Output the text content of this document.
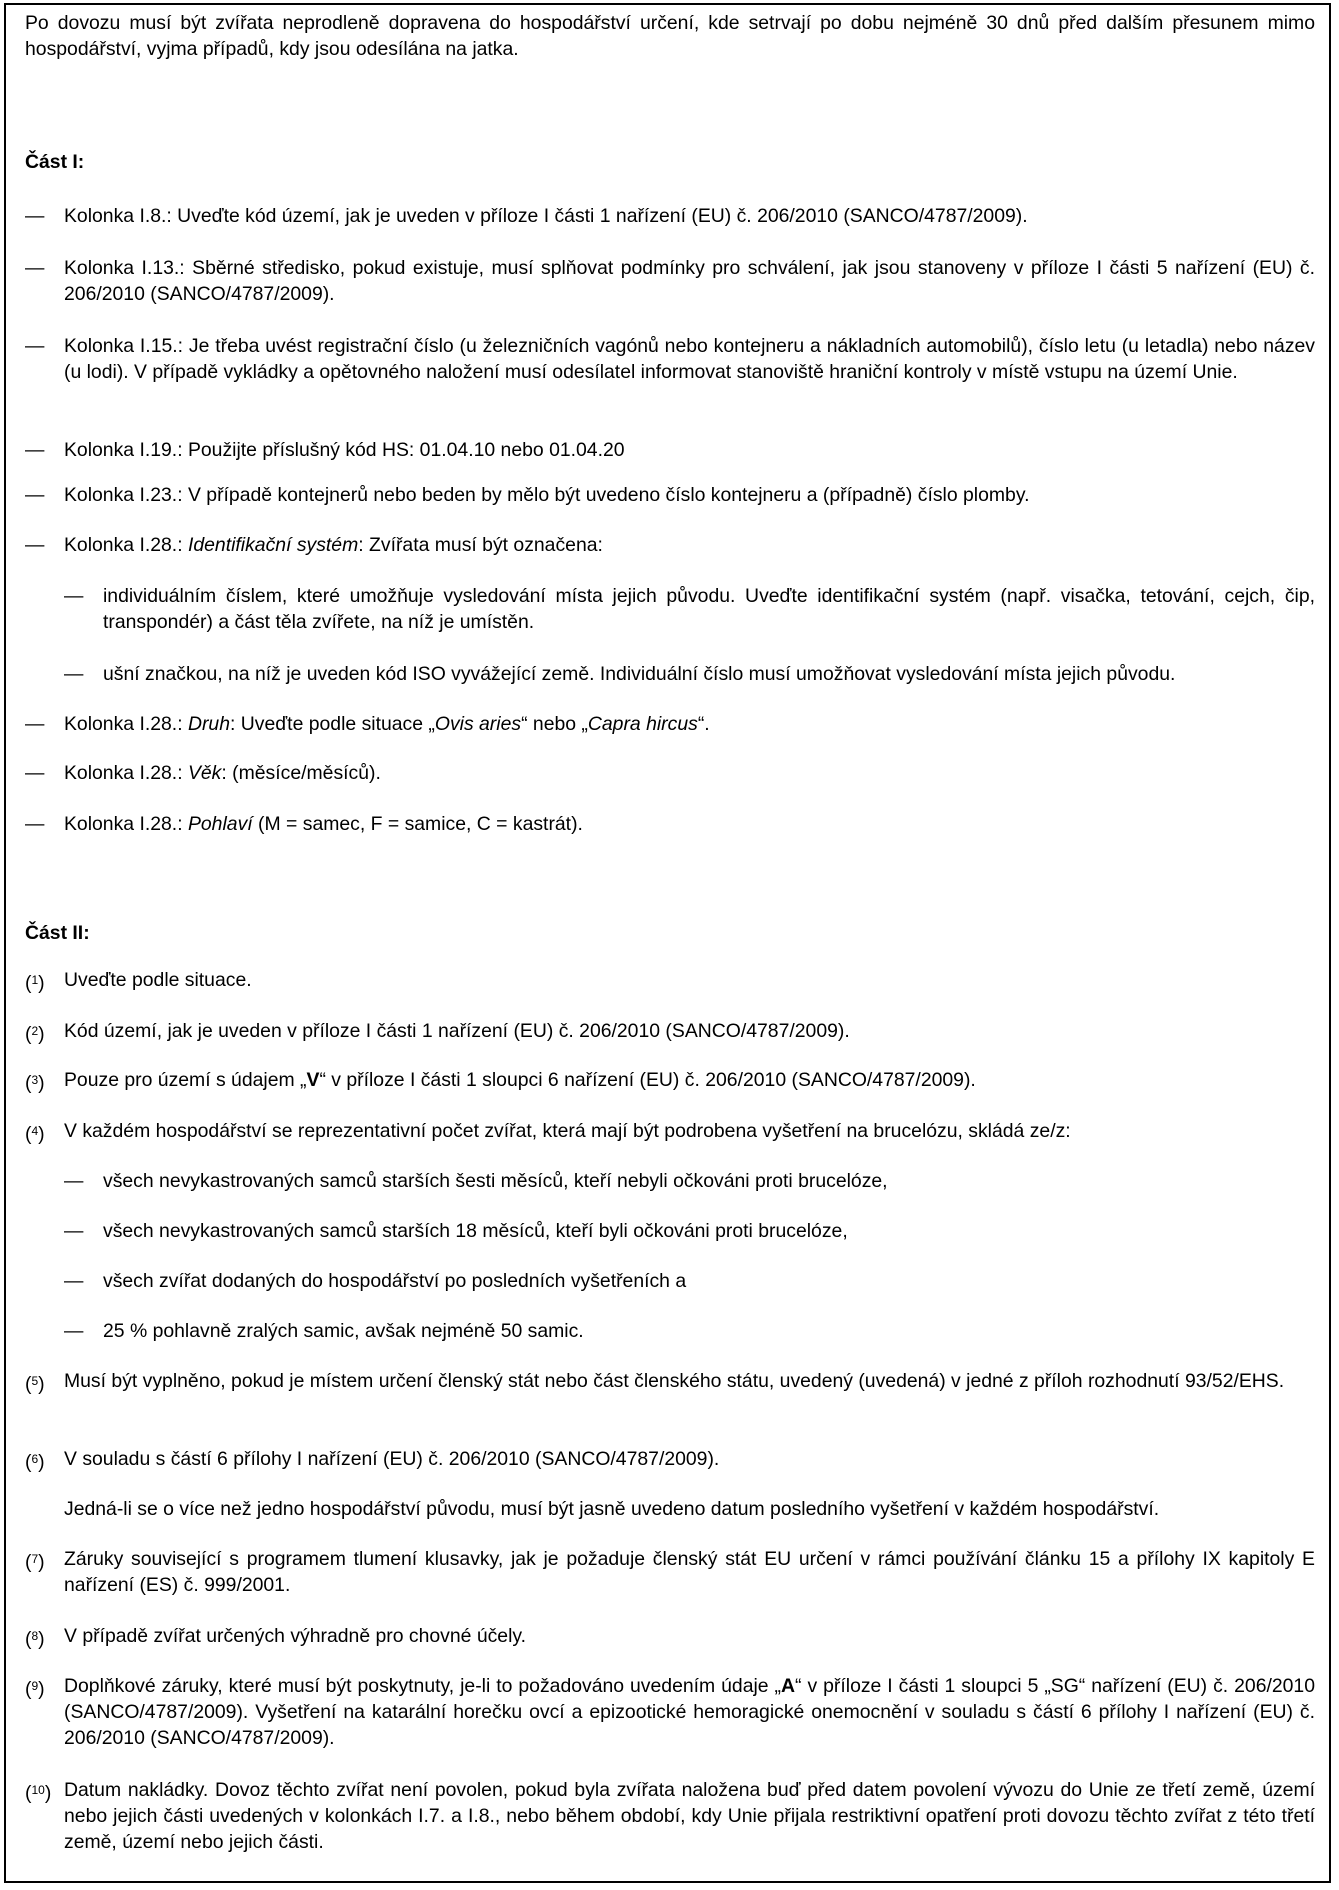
Po dovozu musí být zvířata neprodleně dopravena do hospodářství určení, kde setrvají po dobu nejméně 30 dnů před dalším přesunem mimo hospodářství, vyjma případů, kdy jsou odesílána na jatka.

Část I:

— Kolonka I.8.: Uveďte kód území, jak je uveden v příloze I části 1 nařízení (EU) č. 206/2010 (SANCO/4787/2009).

— Kolonka I.13.: Sběrné středisko, pokud existuje, musí splňovat podmínky pro schválení, jak jsou stanoveny v příloze I části 5 nařízení (EU) č. 206/2010 (SANCO/4787/2009).

— Kolonka I.15.: Je třeba uvést registrační číslo (u železničních vagónů nebo kontejneru a nákladních automobilů), číslo letu (u letadla) nebo název (u lodi). V případě vykládky a opětovného naložení musí odesílatel informovat stanoviště hraniční kontroly v místě vstupu na území Unie.

— Kolonka I.19.: Použijte příslušný kód HS: 01.04.10 nebo 01.04.20

— Kolonka I.23.: V případě kontejnerů nebo beden by mělo být uvedeno číslo kontejneru a (případně) číslo plomby.

— Kolonka I.28.: Identifikační systém: Zvířata musí být označena:

— individuálním číslem, které umožňuje vysledování místa jejich původu. Uveďte identifikační systém (např. visačka, tetování, cejch, čip, transpondér) a část těla zvířete, na níž je umístěn.

— ušní značkou, na níž je uveden kód ISO vyvážející země. Individuální číslo musí umožňovat vysledování místa jejich původu.

— Kolonka I.28.: Druh: Uveďte podle situace „Ovis aries“ nebo „Capra hircus“.

— Kolonka I.28.: Věk: (měsíce/měsíců).

— Kolonka I.28.: Pohlaví (M = samec, F = samice, C = kastrát).

Část II:

($^1$) Uveďte podle situace.

($^2$) Kód území, jak je uveden v příloze I části 1 nařízení (EU) č. 206/2010 (SANCO/4787/2009).

($^3$) Pouze pro území s údajem „V“ v příloze I části 1 sloupci 6 nařízení (EU) č. 206/2010 (SANCO/4787/2009).

($^4$) V každém hospodářství se reprezentativní počet zvířat, která mají být podrobena vyšetření na brucelózu, skládá ze/z:

— všech nevykastrovaných samců starších šesti měsíců, kteří nebyli očkováni proti brucelóze,

— všech nevykastrovaných samců starších 18 měsíců, kteří byli očkováni proti brucelóze,

— všech zvířat dodaných do hospodářství po posledních vyšetřeních a

— 25 % pohlavně zralých samic, avšak nejméně 50 samic.

($^5$) Musí být vyplněno, pokud je místem určení členský stát nebo část členského státu, uvedený (uvedená) v jedné z příloh rozhodnutí 93/52/EHS.

($^6$) V souladu s částí 6 přílohy I nařízení (EU) č. 206/2010 (SANCO/4787/2009).

Jedná-li se o více než jedno hospodářství původu, musí být jasně uvedeno datum posledního vyšetření v každém hospodářství.

($^7$) Záruky související s programem tlumení klusavky, jak je požaduje členský stát EU určení v rámci používání článku 15 a přílohy IX kapitoly E nařízení (ES) č. 999/2001.

($^8$) V případě zvířat určených výhradně pro chovné účely.

($^9$) Doplňkové záruky, které musí být poskytnuty, je-li to požadováno uvedením údaje „A“ v příloze I části 1 sloupci 5 „SG“ nařízení (EU) č. 206/2010 (SANCO/4787/2009). Vyšetření na katarální horečku ovcí a epizootické hemoragické onemocnění v souladu s částí 6 přílohy I nařízení (EU) č. 206/2010 (SANCO/4787/2009).

($^{10}$) Datum nakládky. Dovoz těchto zvířat není povolen, pokud byla zvířata naložena buď před datem povolení vývozu do Unie ze třetí země, území nebo jejich části uvedených v kolonkách I.7. a I.8., nebo během období, kdy Unie přijala restriktivní opatření proti dovozu těchto zvířat z této třetí země, území nebo jejich části.
